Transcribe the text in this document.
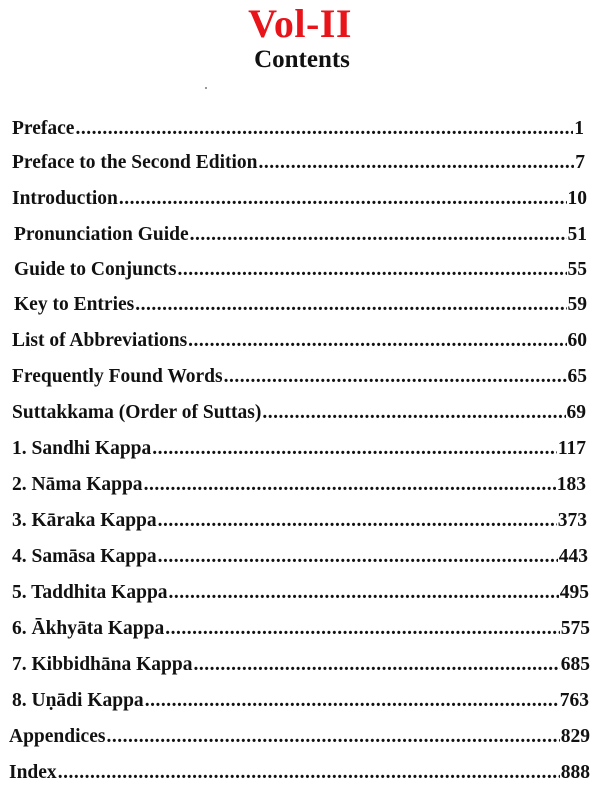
Vol-II
Contents
Preface .....	1
Preface to the Second Edition .....	7
Introduction .....	10
Pronunciation Guide .....	51
Guide to Conjuncts .....	55
Key to Entries .....	59
List of Abbreviations .....	60
Frequently Found Words .....	65
Suttakkama (Order of Suttas) .....	69
1. Sandhi Kappa .....	117
2. Nāma Kappa .....	183
3. Kāraka Kappa .....	373
4. Samāsa Kappa .....	443
5. Taddhita Kappa .....	495
6. Ākhyāta Kappa .....	575
7. Kibbidhāna Kappa .....	685
8. Uṇādi Kappa .....	763
Appendices .....	829
Index .....	888
